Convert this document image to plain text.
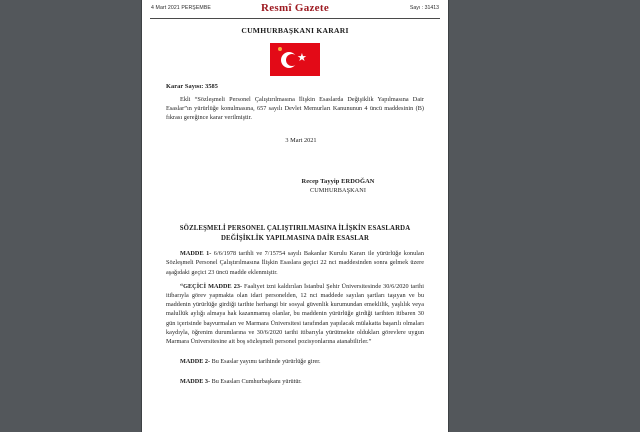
4 Mart 2021 PERŞEMBE	Resmî Gazete	Sayı : 31413
CUMHURBAŞKANI KARARI
Karar Sayısı: 3585

Ekli “Sözleşmeli Personel Çalıştırılmasına İlişkin Esaslarda Değişiklik Yapılmasına Dair Esaslar”ın yürürlüğe konulmasına, 657 sayılı Devlet Memurları Kanununun 4 üncü maddesinin (B) fıkrası gereğince karar verilmiştir.

3 Mart 2021
Recep Tayyip ERDOĞAN
CUMHURBAŞKANI
SÖZLEŞMELİ PERSONEL ÇALIŞTIRILMASINA İLİŞKİN ESASLARDA
DEĞİŞİKLİK YAPILMASINA DAİR ESASLAR

MADDE 1- 6/6/1978 tarihli ve 7/15754 sayılı Bakanlar Kurulu Kararı ile yürürlüğe konulan Sözleşmeli Personel Çalıştırılmasına İlişkin Esaslara geçici 22 nci maddesinden sonra gelmek üzere aşağıdaki geçici 23 üncü madde eklenmiştir.

“GEÇİCİ MADDE 23- Faaliyet izni kaldırılan İstanbul Şehir Üniversitesinde 30/6/2020 tarihi itibarıyla görev yapmakta olan idari personelden, 12 nci maddede sayılan şartları taşıyan ve bu maddenin yürürlüğe girdiği tarihte herhangi bir sosyal güvenlik kurumundan emeklilik, yaşlılık veya malullük aylığı almaya hak kazanmamış olanlar, bu maddenin yürürlüğe girdiği tarihten itibaren 30 gün içerisinde başvurmaları ve Marmara Üniversitesi tarafından yapılacak mülakatta başarılı olmaları kaydıyla, öğrenim durumlarına ve 30/6/2020 tarihi itibarıyla yürütmekte oldukları görevlere uygun Marmara Üniversitesine ait boş sözleşmeli personel pozisyonlarına atanabilirler.”

MADDE 2- Bu Esaslar yayımı tarihinde yürürlüğe girer.

MADDE 3- Bu Esasları Cumhurbaşkanı yürütür.
